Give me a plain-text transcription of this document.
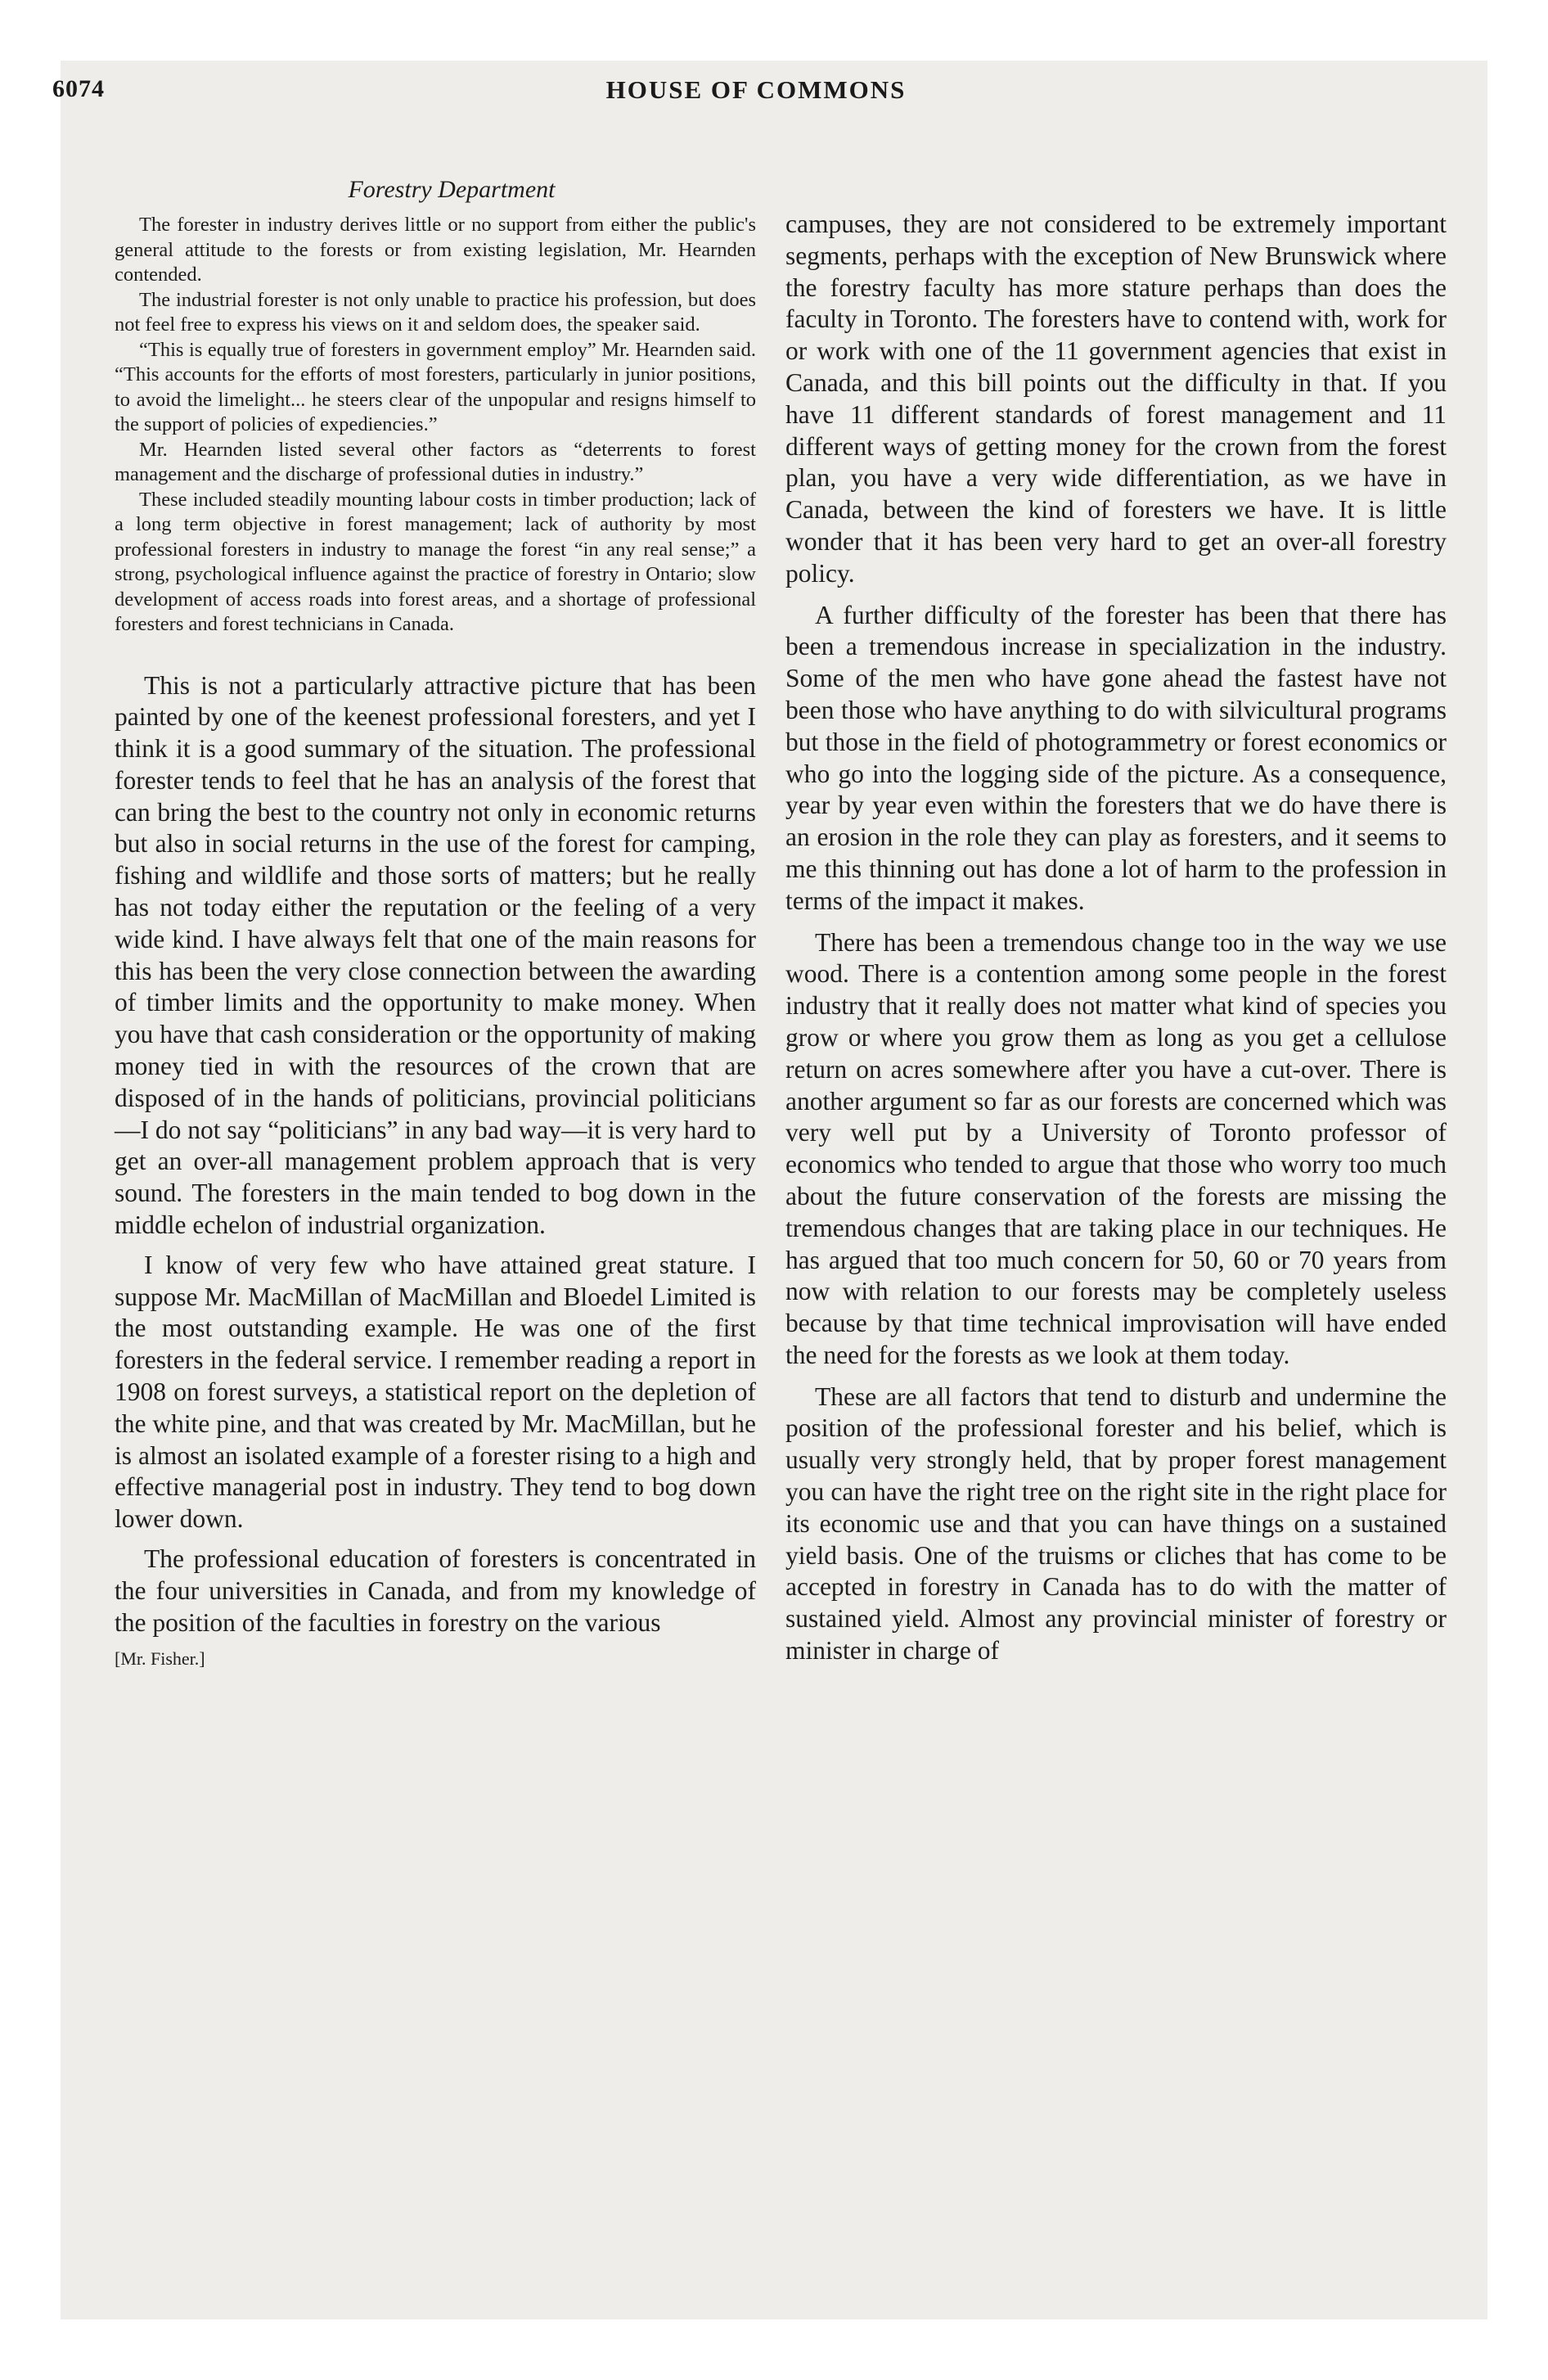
6074	HOUSE OF COMMONS
Forestry Department

The forester in industry derives little or no support from either the public's general attitude to the forests or from existing legislation, Mr. Hearnden contended.

The industrial forester is not only unable to practice his profession, but does not feel free to express his views on it and seldom does, the speaker said.

“This is equally true of foresters in government employ” Mr. Hearnden said. “This accounts for the efforts of most foresters, particularly in junior positions, to avoid the limelight... he steers clear of the unpopular and resigns himself to the support of policies of expediencies.”

Mr. Hearnden listed several other factors as “deterrents to forest management and the discharge of professional duties in industry.”

These included steadily mounting labour costs in timber production; lack of a long term objective in forest management; lack of authority by most professional foresters in industry to manage the forest “in any real sense;” a strong, psychological influence against the practice of forestry in Ontario; slow development of access roads into forest areas, and a shortage of professional foresters and forest technicians in Canada.

This is not a particularly attractive picture that has been painted by one of the keenest professional foresters, and yet I think it is a good summary of the situation. The professional forester tends to feel that he has an analysis of the forest that can bring the best to the country not only in economic returns but also in social returns in the use of the forest for camping, fishing and wildlife and those sorts of matters; but he really has not today either the reputation or the feeling of a very wide kind. I have always felt that one of the main reasons for this has been the very close connection between the awarding of timber limits and the opportunity to make money. When you have that cash consideration or the opportunity of making money tied in with the resources of the crown that are disposed of in the hands of politicians, provincial politicians—I do not say “politicians” in any bad way—it is very hard to get an over-all management problem approach that is very sound. The foresters in the main tended to bog down in the middle echelon of industrial organization.

I know of very few who have attained great stature. I suppose Mr. MacMillan of MacMillan and Bloedel Limited is the most outstanding example. He was one of the first foresters in the federal service. I remember reading a report in 1908 on forest surveys, a statistical report on the depletion of the white pine, and that was created by Mr. MacMillan, but he is almost an isolated example of a forester rising to a high and effective managerial post in industry. They tend to bog down lower down.

The professional education of foresters is concentrated in the four universities in Canada, and from my knowledge of the position of the faculties in forestry on the various

[Mr. Fisher.]

campuses, they are not considered to be extremely important segments, perhaps with the exception of New Brunswick where the forestry faculty has more stature perhaps than does the faculty in Toronto. The foresters have to contend with, work for or work with one of the 11 government agencies that exist in Canada, and this bill points out the difficulty in that. If you have 11 different standards of forest management and 11 different ways of getting money for the crown from the forest plan, you have a very wide differentiation, as we have in Canada, between the kind of foresters we have. It is little wonder that it has been very hard to get an over-all forestry policy.

A further difficulty of the forester has been that there has been a tremendous increase in specialization in the industry. Some of the men who have gone ahead the fastest have not been those who have anything to do with silvicultural programs but those in the field of photogrammetry or forest economics or who go into the logging side of the picture. As a consequence, year by year even within the foresters that we do have there is an erosion in the role they can play as foresters, and it seems to me this thinning out has done a lot of harm to the profession in terms of the impact it makes.

There has been a tremendous change too in the way we use wood. There is a contention among some people in the forest industry that it really does not matter what kind of species you grow or where you grow them as long as you get a cellulose return on acres somewhere after you have a cut-over. There is another argument so far as our forests are concerned which was very well put by a University of Toronto professor of economics who tended to argue that those who worry too much about the future conservation of the forests are missing the tremendous changes that are taking place in our techniques. He has argued that too much concern for 50, 60 or 70 years from now with relation to our forests may be completely useless because by that time technical improvisation will have ended the need for the forests as we look at them today.

These are all factors that tend to disturb and undermine the position of the professional forester and his belief, which is usually very strongly held, that by proper forest management you can have the right tree on the right site in the right place for its economic use and that you can have things on a sustained yield basis. One of the truisms or cliches that has come to be accepted in forestry in Canada has to do with the matter of sustained yield. Almost any provincial minister of forestry or minister in charge of
